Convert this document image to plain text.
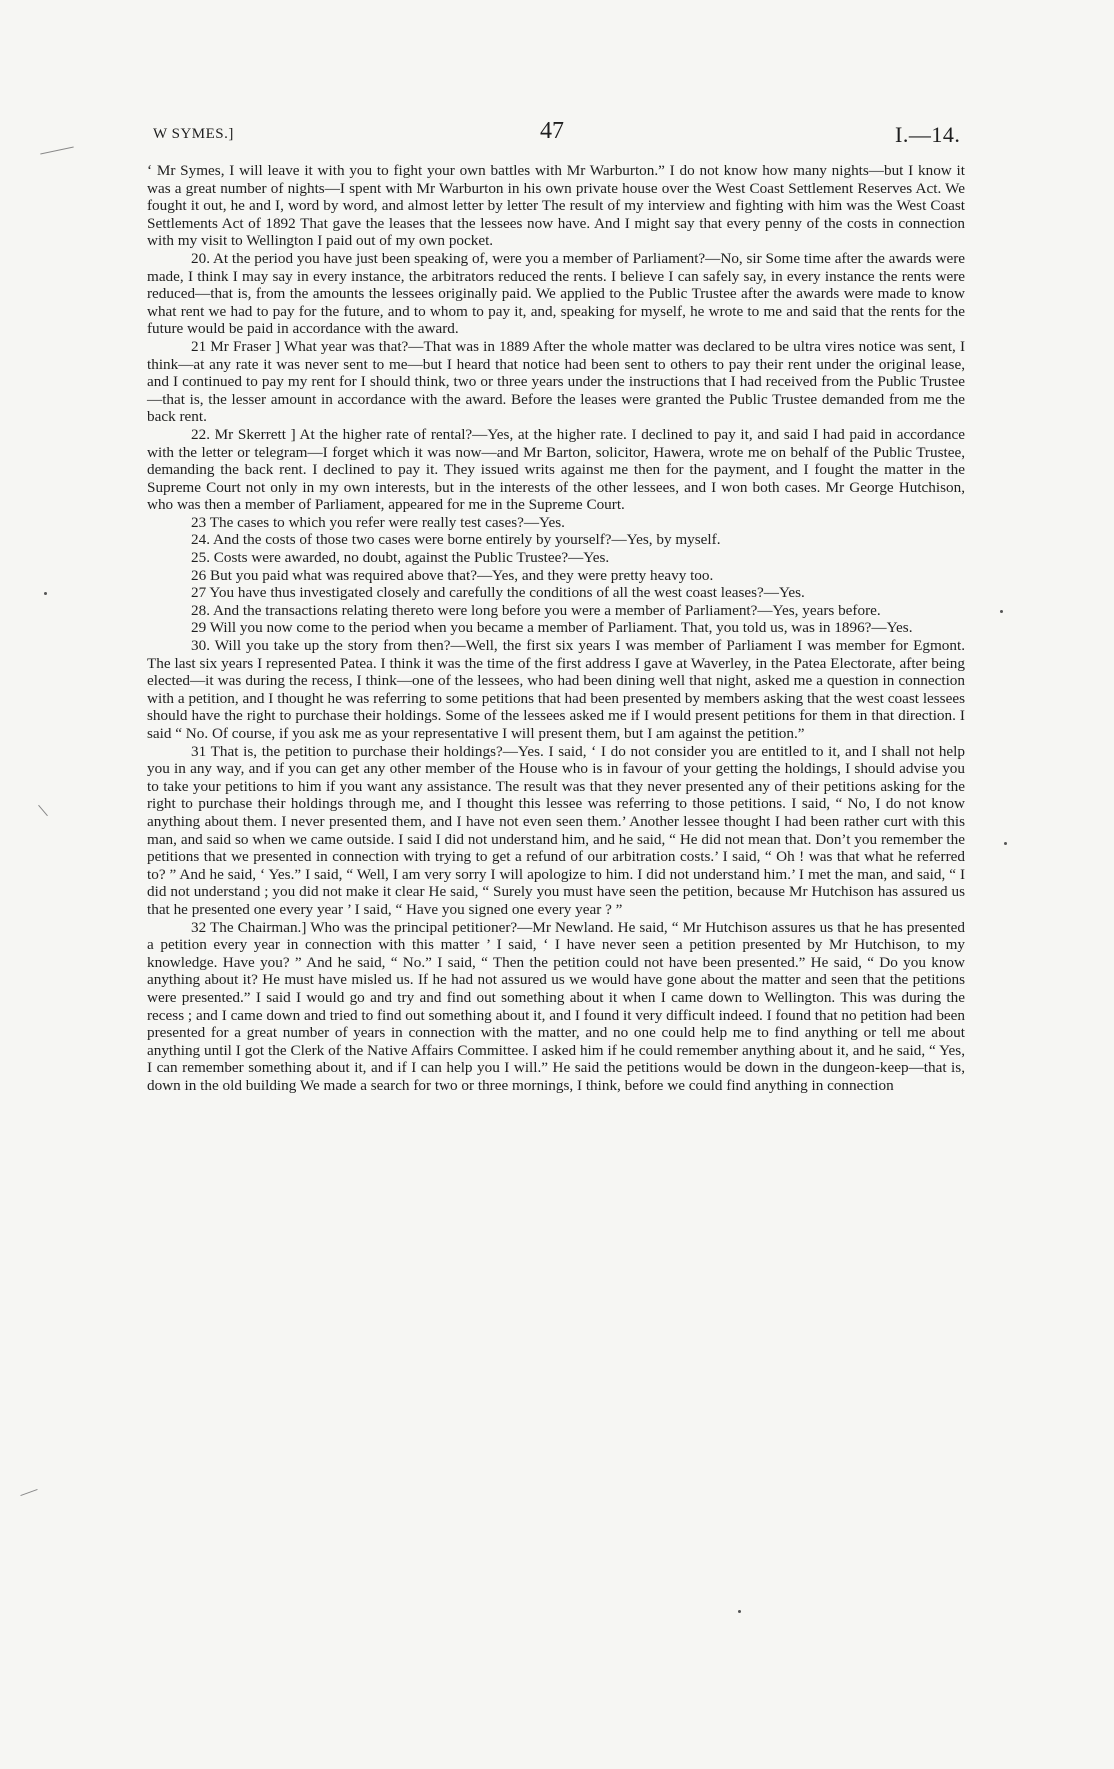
W SYMES.]	47	I.—14.

‘ Mr Symes, I will leave it with you to fight your own battles with Mr Warburton.” I do not know how many nights—but I know it was a great number of nights—I spent with Mr Warburton in his own private house over the West Coast Settlement Reserves Act. We fought it out, he and I, word by word, and almost letter by letter The result of my interview and fighting with him was the West Coast Settlements Act of 1892 That gave the leases that the lessees now have. And I might say that every penny of the costs in connection with my visit to Wellington I paid out of my own pocket.

20. At the period you have just been speaking of, were you a member of Parliament?—No, sir Some time after the awards were made, I think I may say in every instance, the arbitrators reduced the rents. I believe I can safely say, in every instance the rents were reduced—that is, from the amounts the lessees originally paid. We applied to the Public Trustee after the awards were made to know what rent we had to pay for the future, and to whom to pay it, and, speaking for myself, he wrote to me and said that the rents for the future would be paid in accordance with the award.

21 Mr Fraser ] What year was that?—That was in 1889 After the whole matter was declared to be ultra vires notice was sent, I think—at any rate it was never sent to me—but I heard that notice had been sent to others to pay their rent under the original lease, and I continued to pay my rent for I should think, two or three years under the instructions that I had received from the Public Trustee—that is, the lesser amount in accordance with the award. Before the leases were granted the Public Trustee demanded from me the back rent.

22. Mr Skerrett ] At the higher rate of rental?—Yes, at the higher rate. I declined to pay it, and said I had paid in accordance with the letter or telegram—I forget which it was now—and Mr Barton, solicitor, Hawera, wrote me on behalf of the Public Trustee, demanding the back rent. I declined to pay it. They issued writs against me then for the payment, and I fought the matter in the Supreme Court not only in my own interests, but in the interests of the other lessees, and I won both cases. Mr George Hutchison, who was then a member of Parliament, appeared for me in the Supreme Court.

23 The cases to which you refer were really test cases?—Yes.

24. And the costs of those two cases were borne entirely by yourself?—Yes, by myself.

25. Costs were awarded, no doubt, against the Public Trustee?—Yes.

26 But you paid what was required above that?—Yes, and they were pretty heavy too.

27 You have thus investigated closely and carefully the conditions of all the west coast leases?—Yes.

28. And the transactions relating thereto were long before you were a member of Parliament?—Yes, years before.

29 Will you now come to the period when you became a member of Parliament. That, you told us, was in 1896?—Yes.

30. Will you take up the story from then?—Well, the first six years I was member of Parliament I was member for Egmont. The last six years I represented Patea. I think it was the time of the first address I gave at Waverley, in the Patea Electorate, after being elected—it was during the recess, I think—one of the lessees, who had been dining well that night, asked me a question in connection with a petition, and I thought he was referring to some petitions that had been presented by members asking that the west coast lessees should have the right to purchase their holdings. Some of the lessees asked me if I would present petitions for them in that direction. I said “ No. Of course, if you ask me as your representative I will present them, but I am against the petition.”

31 That is, the petition to purchase their holdings?—Yes. I said, ‘ I do not consider you are entitled to it, and I shall not help you in any way, and if you can get any other member of the House who is in favour of your getting the holdings, I should advise you to take your petitions to him if you want any assistance. The result was that they never presented any of their petitions asking for the right to purchase their holdings through me, and I thought this lessee was referring to those petitions. I said, “ No, I do not know anything about them. I never presented them, and I have not even seen them.’ Another lessee thought I had been rather curt with this man, and said so when we came outside. I said I did not understand him, and he said, “ He did not mean that. Don’t you remember the petitions that we presented in connection with trying to get a refund of our arbitration costs.’ I said, “ Oh ! was that what he referred to? ” And he said, ‘ Yes.” I said, “ Well, I am very sorry I will apologize to him. I did not understand him.’ I met the man, and said, “ I did not understand ; you did not make it clear He said, “ Surely you must have seen the petition, because Mr Hutchison has assured us that he presented one every year ’ I said, “ Have you signed one every year ? ”

32 The Chairman.] Who was the principal petitioner?—Mr Newland. He said, “ Mr Hutchison assures us that he has presented a petition every year in connection with this matter ’ I said, ‘ I have never seen a petition presented by Mr Hutchison, to my knowledge. Have you? ” And he said, “ No.” I said, “ Then the petition could not have been presented.” He said, “ Do you know anything about it? He must have misled us. If he had not assured us we would have gone about the matter and seen that the petitions were presented.” I said I would go and try and find out something about it when I came down to Wellington. This was during the recess ; and I came down and tried to find out something about it, and I found it very difficult indeed. I found that no petition had been presented for a great number of years in connection with the matter, and no one could help me to find anything or tell me about anything until I got the Clerk of the Native Affairs Committee. I asked him if he could remember anything about it, and he said, “ Yes, I can remember something about it, and if I can help you I will.” He said the petitions would be down in the dungeon-keep—that is, down in the old building We made a search for two or three mornings, I think, before we could find anything in connection
